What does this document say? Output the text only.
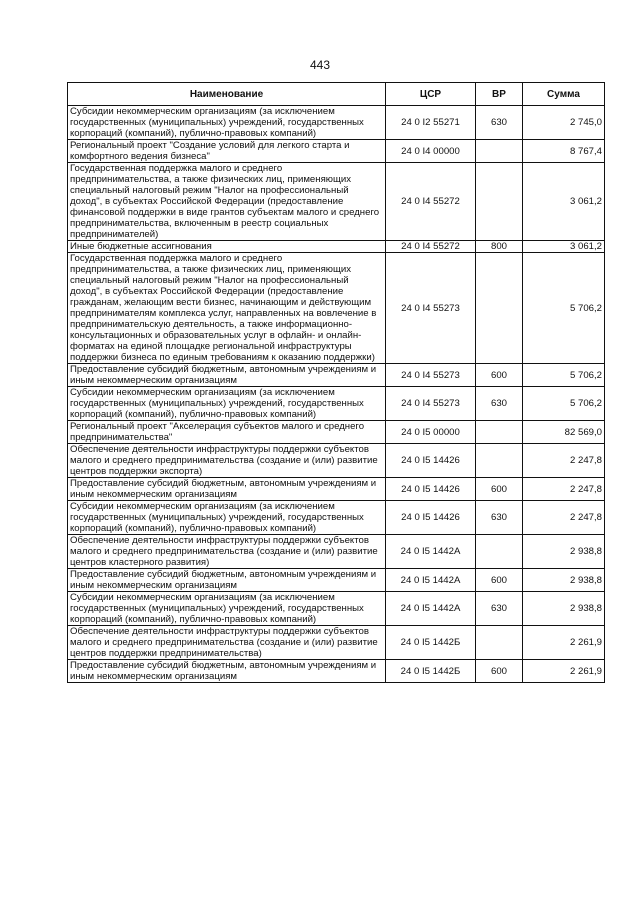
443
Наименование	ЦСР	ВР	Сумма
Субсидии некоммерческим организациям (за исключением государственных (муниципальных) учреждений, государственных корпораций (компаний), публично-правовых компаний)	24 0 I2 55271	630	2 745,0
Региональный проект "Создание условий для легкого старта и комфортного ведения бизнеса"	24 0 I4 00000		8 767,4
Государственная поддержка малого и среднего предпринимательства, а также физических лиц, применяющих специальный налоговый режим "Налог на профессиональный доход", в субъектах Российской Федерации (предоставление финансовой поддержки в виде грантов субъектам малого и среднего предпринимательства, включенным в реестр социальных предпринимателей)	24 0 I4 55272		3 061,2
Иные бюджетные ассигнования	24 0 I4 55272	800	3 061,2
Государственная поддержка малого и среднего предпринимательства, а также физических лиц, применяющих специальный налоговый режим "Налог на профессиональный доход", в субъектах Российской Федерации (предоставление гражданам, желающим вести бизнес, начинающим и действующим предпринимателям комплекса услуг, направленных на вовлечение в предпринимательскую деятельность, а также информационно-консультационных и образовательных услуг в офлайн- и онлайн-форматах на единой площадке региональной инфраструктуры поддержки бизнеса по единым требованиям к оказанию поддержки)	24 0 I4 55273		5 706,2
Предоставление субсидий бюджетным, автономным учреждениям и иным некоммерческим организациям	24 0 I4 55273	600	5 706,2
Субсидии некоммерческим организациям (за исключением государственных (муниципальных) учреждений, государственных корпораций (компаний), публично-правовых компаний)	24 0 I4 55273	630	5 706,2
Региональный проект "Акселерация субъектов малого и среднего предпринимательства"	24 0 I5 00000		82 569,0
Обеспечение деятельности инфраструктуры поддержки субъектов малого и среднего предпринимательства (создание и (или) развитие центров поддержки экспорта)	24 0 I5 14426		2 247,8
Предоставление субсидий бюджетным, автономным учреждениям и иным некоммерческим организациям	24 0 I5 14426	600	2 247,8
Субсидии некоммерческим организациям (за исключением государственных (муниципальных) учреждений, государственных корпораций (компаний), публично-правовых компаний)	24 0 I5 14426	630	2 247,8
Обеспечение деятельности инфраструктуры поддержки субъектов малого и среднего предпринимательства (создание и (или) развитие центров кластерного развития)	24 0 I5 1442А		2 938,8
Предоставление субсидий бюджетным, автономным учреждениям и иным некоммерческим организациям	24 0 I5 1442А	600	2 938,8
Субсидии некоммерческим организациям (за исключением государственных (муниципальных) учреждений, государственных корпораций (компаний), публично-правовых компаний)	24 0 I5 1442А	630	2 938,8
Обеспечение деятельности инфраструктуры поддержки субъектов малого и среднего предпринимательства (создание и (или) развитие центров поддержки предпринимательства)	24 0 I5 1442Б		2 261,9
Предоставление субсидий бюджетным, автономным учреждениям и иным некоммерческим организациям	24 0 I5 1442Б	600	2 261,9
